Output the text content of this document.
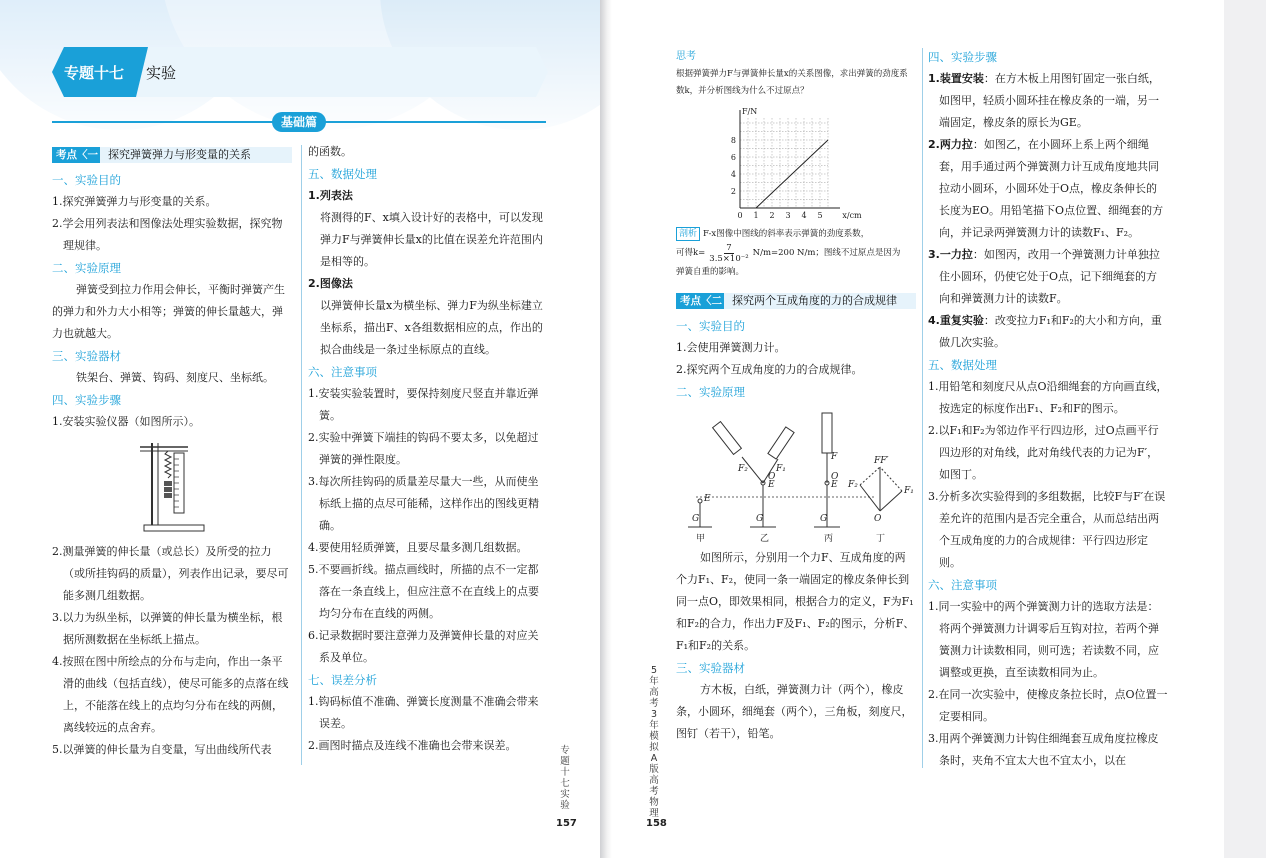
专题十七 实验
基础篇
考点〈一 探究弹簧弹力与形变量的关系

一、实验目的

1.探究弹簧弹力与形变量的关系。

2.学会用列表法和图像法处理实验数据，探究物理规律。

二、实验原理

弹簧受到拉力作用会伸长，平衡时弹簧产生的弹力和外力大小相等；弹簧的伸长量越大，弹力也就越大。

三、实验器材

铁架台、弹簧、钩码、刻度尺、坐标纸。

四、实验步骤

1.安装实验仪器（如图所示）。

2.测量弹簧的伸长量（或总长）及所受的拉力（或所挂钩码的质量），列表作出记录，要尽可能多测几组数据。

3.以力为纵坐标，以弹簧的伸长量为横坐标，根据所测数据在坐标纸上描点。

4.按照在图中所绘点的分布与走向，作出一条平滑的曲线（包括直线），使尽可能多的点落在线上，不能落在线上的点均匀分布在线的两侧，离线较远的点舍弃。

5.以弹簧的伸长量为自变量，写出曲线所代表

的函数。

五、数据处理

1.列表法

将测得的F、x填入设计好的表格中，可以发现弹力F与弹簧伸长量x的比值在误差允许范围内是相等的。

2.图像法

以弹簧伸长量x为横坐标、弹力F为纵坐标建立坐标系，描出F、x各组数据相应的点，作出的拟合曲线是一条过坐标原点的直线。

六、注意事项

1.安装实验装置时，要保持刻度尺竖直并靠近弹簧。

2.实验中弹簧下端挂的钩码不要太多，以免超过弹簧的弹性限度。

3.每次所挂钩码的质量差尽量大一些，从而使坐标纸上描的点尽可能稀，这样作出的图线更精确。

4.要使用轻质弹簧，且要尽量多测几组数据。

5.不要画折线。描点画线时，所描的点不一定都落在一条直线上，但应注意不在直线上的点要均匀分布在直线的两侧。

6.记录数据时要注意弹力及弹簧伸长量的对应关系及单位。

七、误差分析

1.钩码标值不准确、弹簧长度测量不准确会带来误差。

2.画图时描点及连线不准确也会带来误差。	专题十七　实验
157
思考
根据弹簧弹力F与弹簧伸长量x的关系图像，求出弹簧的劲度系数k，并分析图线为什么不过原点？
2
4
6
8
0 1 2 3 4 5
F/N
x/cm
剖析 F-x图像中图线的斜率表示弹簧的劲度系数，
可得$k= \frac{7}{\text{3.5×10⁻²}} N/m=200$ N/m；图线不过原点是因为
弹簧自重的影响。
考点〈二 探究两个互成角度的力的合成规律

一、实验目的

1.会使用弹簧测力计。

2.探究两个互成角度的力的合成规律。

二、实验原理

G
E
G
E
O
G
E
O
O
F₂
F₁
FF′
F₂	F₁
F
甲	乙	丙	丁

如图所示，分别用一个力F、互成角度的两个力F₁、F₂，使同一条一端固定的橡皮条伸长到同一点O，即效果相同，根据合力的定义，F为F₁和F₂的合力，作出力F及F₁、F₂的图示，分析F、F₁和F₂的关系。

三、实验器材

方木板，白纸，弹簧测力计（两个），橡皮条，小圆环，细绳套（两个），三角板，刻度尺，图钉（若干），铅笔。

四、实验步骤

1.装置安装：在方木板上用图钉固定一张白纸，如图甲，轻质小圆环挂在橡皮条的一端，另一端固定，橡皮条的原长为GE。

2.两力拉：如图乙，在小圆环上系上两个细绳套，用手通过两个弹簧测力计互成角度地共同拉动小圆环，小圆环处于O点，橡皮条伸长的长度为EO。用铅笔描下O点位置、细绳套的方向，并记录两弹簧测力计的读数F₁、F₂。

3.一力拉：如图丙，改用一个弹簧测力计单独拉住小圆环，仍使它处于O点，记下细绳套的方向和弹簧测力计的读数F。

4.重复实验：改变拉力F₁和F₂的大小和方向，重做几次实验。

五、数据处理

1.用铅笔和刻度尺从点O沿细绳套的方向画直线，按选定的标度作出F₁、F₂和F的图示。

2.以F₁和F₂为邻边作平行四边形，过O点画平行四边形的对角线，此对角线代表的力记为F′，如图丁。

3.分析多次实验得到的多组数据，比较F与F′在误差允许的范围内是否完全重合，从而总结出两个互成角度的力的合成规律：平行四边形定则。

六、注意事项

1.同一实验中的两个弹簧测力计的选取方法是：将两个弹簧测力计调零后互钩对拉，若两个弹簧测力计读数相同，则可选；若读数不同，应调整或更换，直至读数相同为止。

2.在同一次实验中，使橡皮条拉长时，点O位置一定要相同。

3.用两个弹簧测力计钩住细绳套互成角度拉橡皮条时，夹角不宜太大也不宜太小，以在

5年高考3年模拟　A版　高考物理
158
